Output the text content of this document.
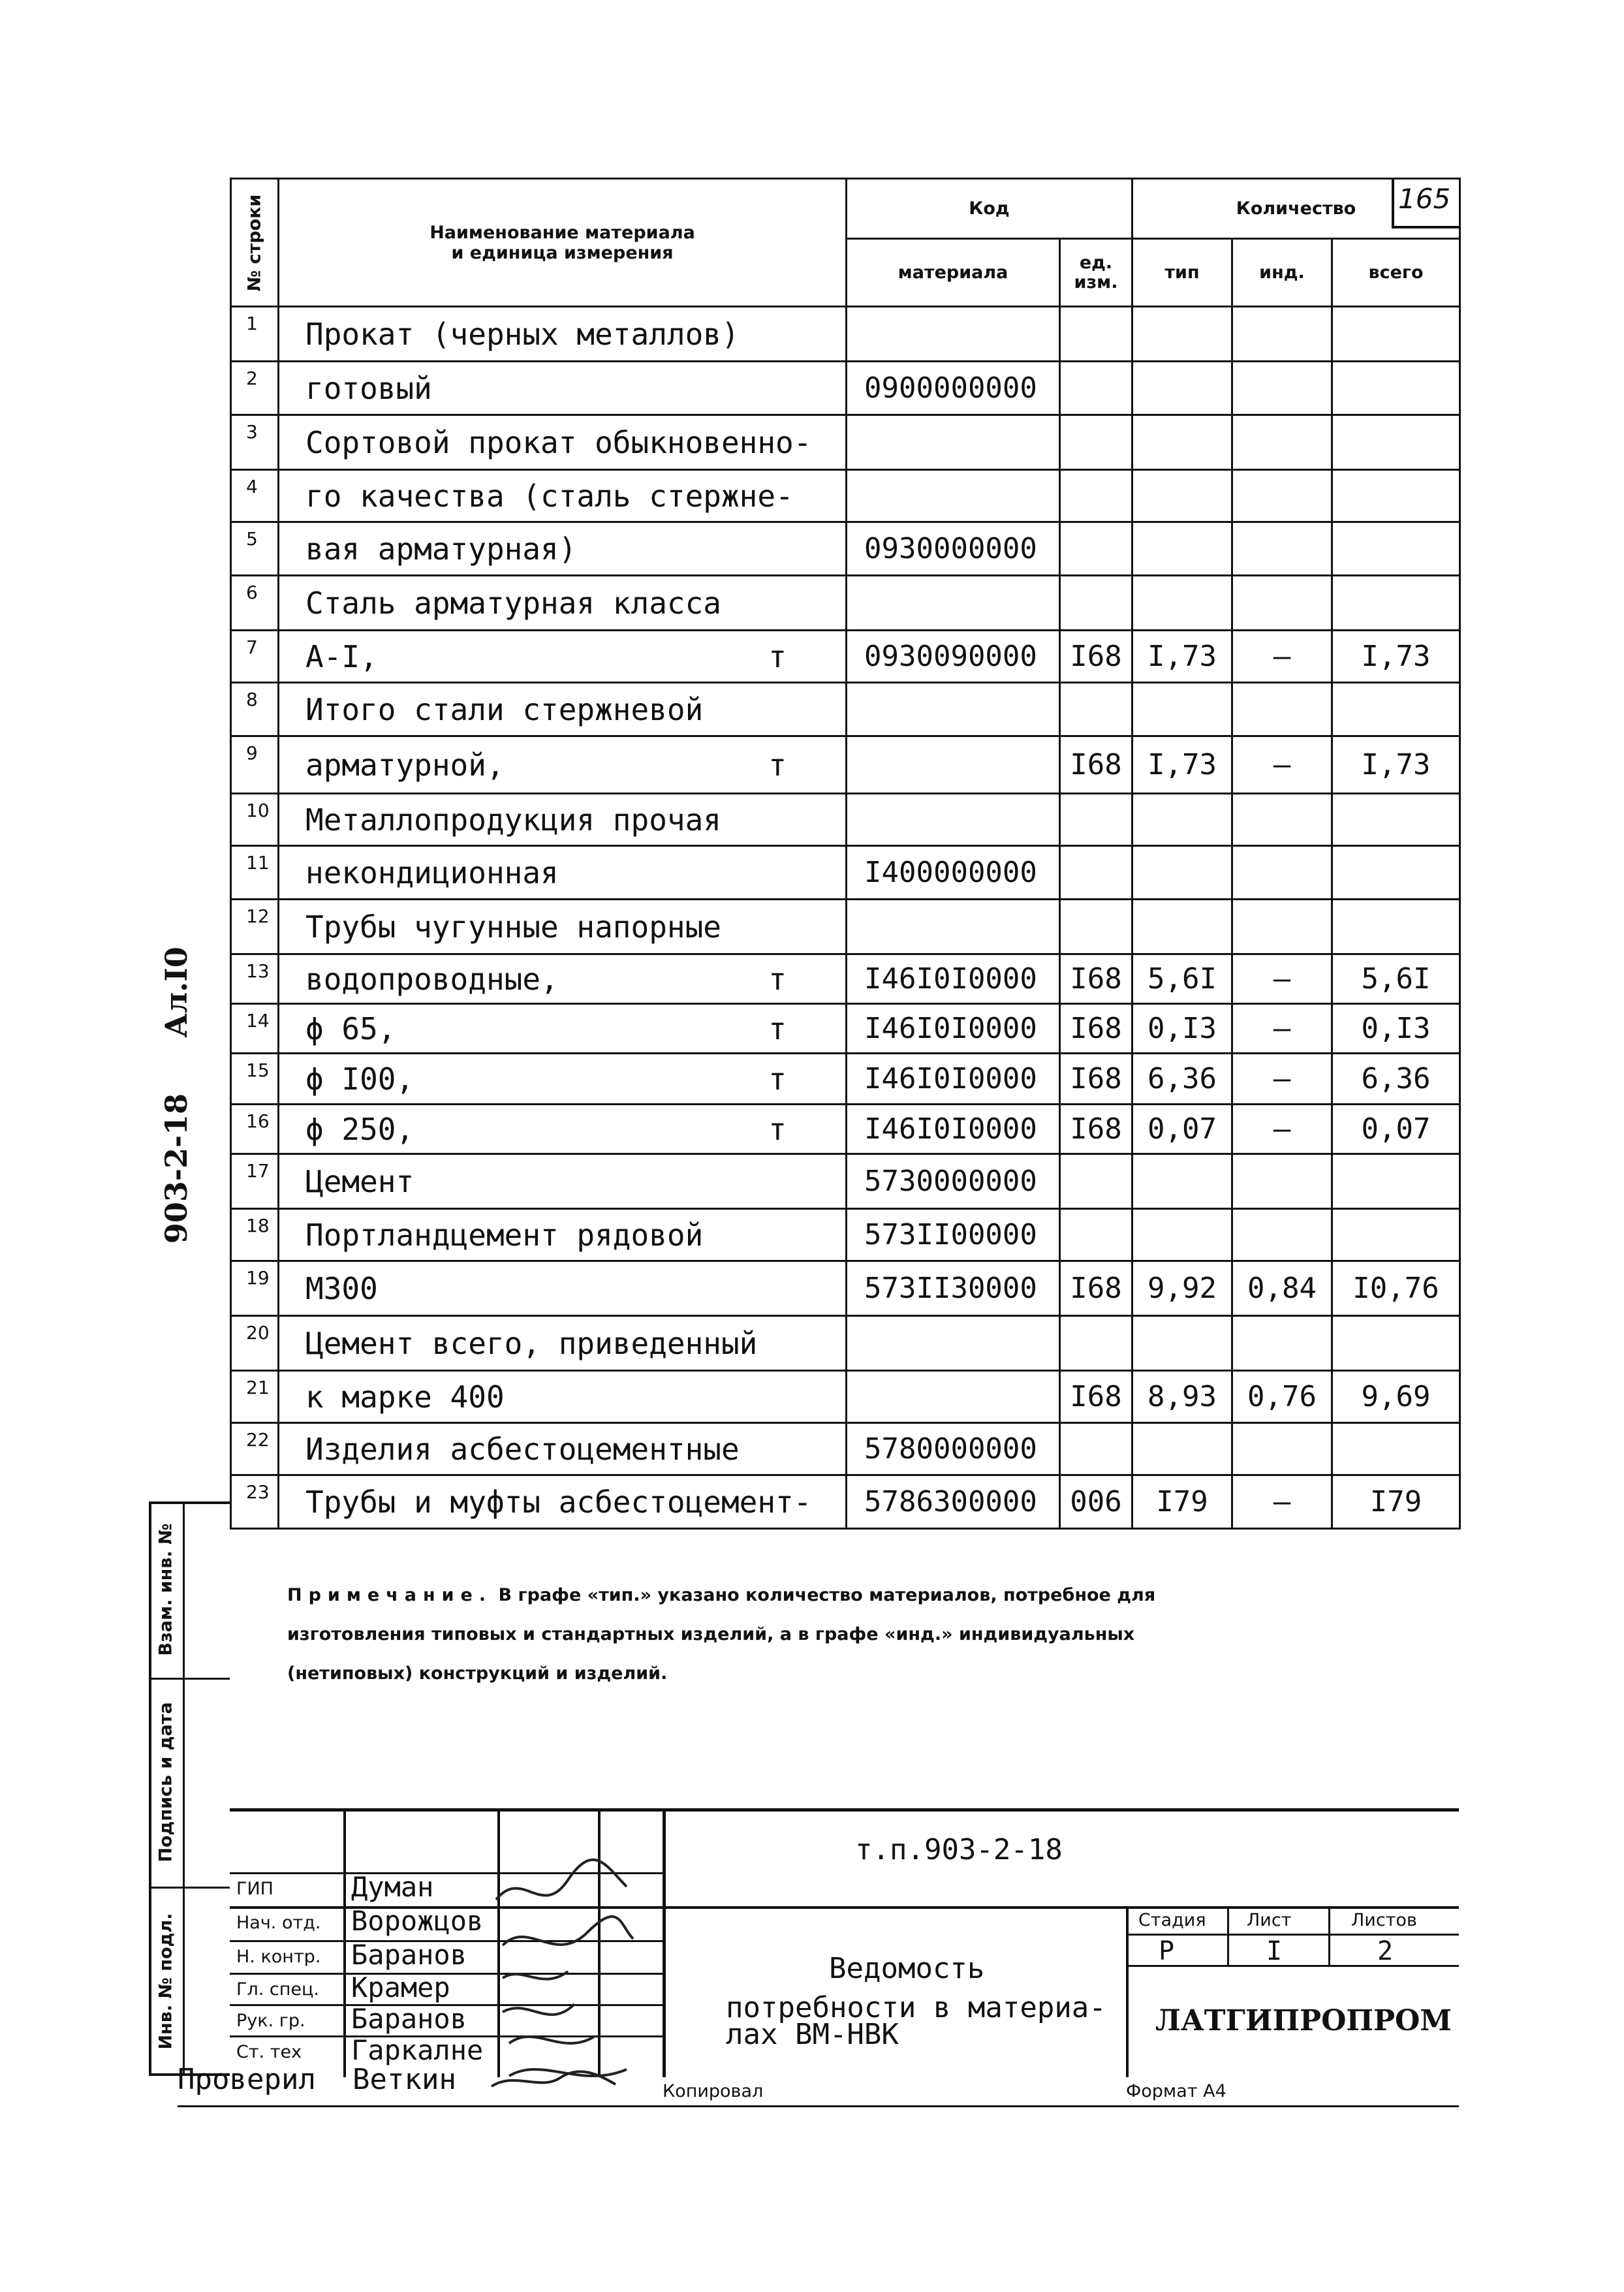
165
№ строки	Наименование материала
и единица измерения	Код		Количество		
		материала	ед. изм.	тип	инд.	всего
1	Прокат (черных металлов)

2	готовый	0900000000				
3	Сортовой прокат обыкновенно-

4	го качества (сталь стержне-

5	вая арматурная)	0930000000				
6	Сталь арматурная класса

7	А-I, т	0930090000	I68	I,73	–	I,73
8	Итого стали стержневой

9	арматурной, т		I68	I,73	–	I,73
10	Металлопродукция прочая

11	некондиционная	I400000000				
12	Трубы чугунные напорные

13	водопроводные, т	I46I0I0000	I68	5,6I	–	5,6I
14	ϕ 65, т	I46I0I0000	I68	0,I3	–	0,I3
15	ϕ I00, т	I46I0I0000	I68	6,36	–	6,36
16	ϕ 250, т	I46I0I0000	I68	0,07	–	0,07
17	Цемент	5730000000				
18	Портландцемент рядовой	573II00000				
19	М300	573II30000	I68	9,92	0,84	I0,76
20	Цемент всего, приведенный

21	к марке 400		I68	8,93	0,76	9,69
22	Изделия асбестоцементные	5780000000				
23	Трубы и муфты асбестоцемент-	5786300000	006	I79	–	I79
Примечание. В графе «тип.» указано количество материалов, потребное для
изготовления типовых и стандартных изделий, а в графе «инд.» индивидуальных
(нетиповых) конструкций и изделий.
Взам. инв. №
Подпись и дата
Инв. № подл.
Ал.I0
903-2-18
т.п.903-2-18
Ведомость
потребности в материа-
лах ВМ-НВК
Стадия Лист	Листов
Р	I	2
ЛАТГИПРОПРОМ
ГИП	Думан
Нач. отд. Ворожцов
Н. контр. Баранов
Гл. спец. Крамер
Рук. гр. Баранов
Ст. тех Гаркалне
Проверил Веткин	Копировал	Формат А4
